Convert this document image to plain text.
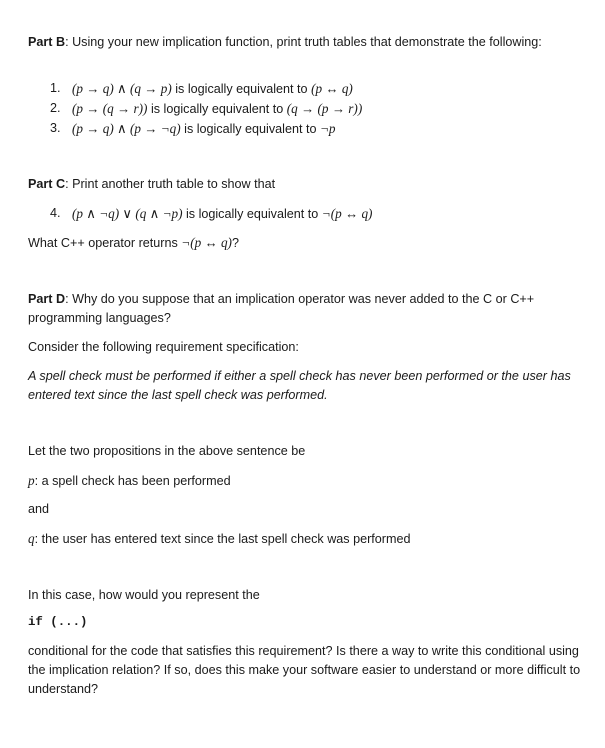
Part B: Using your new implication function, print truth tables that demonstrate the following:

1. (p → q) ∧ (q → p) is logically equivalent to (p ↔ q)
2. (p → (q → r)) is logically equivalent to (q → (p → r))
3. (p → q) ∧ (p → ¬q) is logically equivalent to ¬p

Part C: Print another truth table to show that

4. (p ∧ ¬q) ∨ (q ∧ ¬p) is logically equivalent to ¬(p ↔ q)

What C++ operator returns ¬(p ↔ q)?

Part D: Why do you suppose that an implication operator was never added to the C or C++ programming languages?

Consider the following requirement specification:

A spell check must be performed if either a spell check has never been performed or the user has entered text since the last spell check was performed.

Let the two propositions in the above sentence be

p: a spell check has been performed

and

q: the user has entered text since the last spell check was performed

In this case, how would you represent the

if (...)

conditional for the code that satisfies this requirement? Is there a way to write this conditional using the implication relation? If so, does this make your software easier to understand or more difficult to understand?
